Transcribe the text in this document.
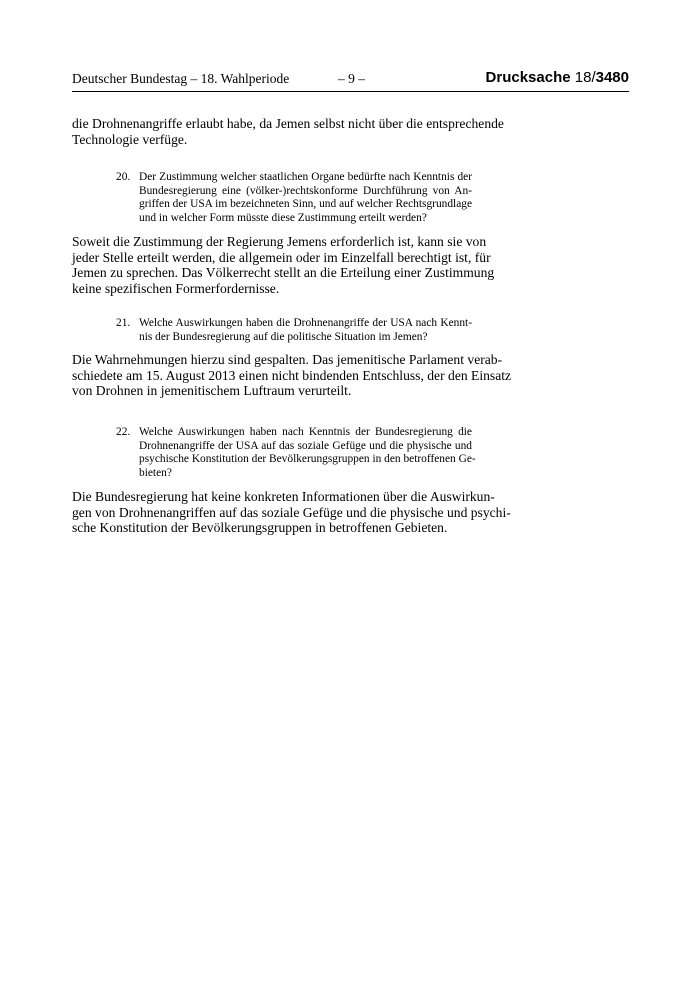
Deutscher Bundestag – 18. Wahlperiode	– 9 –	Drucksache 18/3480

die Drohnenangriffe erlaubt habe, da Jemen selbst nicht über die entsprechende
Technologie verfüge.

20. Der Zustimmung welcher staatlichen Organe bedürfte nach Kenntnis der
Bundesregierung eine (völker-)rechtskonforme Durchführung von An-
griffen der USA im bezeichneten Sinn, und auf welcher Rechtsgrundlage
und in welcher Form müsste diese Zustimmung erteilt werden?

Soweit die Zustimmung der Regierung Jemens erforderlich ist, kann sie von
jeder Stelle erteilt werden, die allgemein oder im Einzelfall berechtigt ist, für
Jemen zu sprechen. Das Völkerrecht stellt an die Erteilung einer Zustimmung
keine spezifischen Formerfordernisse.

21. Welche Auswirkungen haben die Drohnenangriffe der USA nach Kennt-
nis der Bundesregierung auf die politische Situation im Jemen?

Die Wahrnehmungen hierzu sind gespalten. Das jemenitische Parlament verab-
schiedete am 15. August 2013 einen nicht bindenden Entschluss, der den Einsatz
von Drohnen in jemenitischem Luftraum verurteilt.

22. Welche Auswirkungen haben nach Kenntnis der Bundesregierung die
Drohnenangriffe der USA auf das soziale Gefüge und die physische und
psychische Konstitution der Bevölkerungsgruppen in den betroffenen Ge-
bieten?

Die Bundesregierung hat keine konkreten Informationen über die Auswirkun-
gen von Drohnenangriffen auf das soziale Gefüge und die physische und psychi-
sche Konstitution der Bevölkerungsgruppen in betroffenen Gebieten.
